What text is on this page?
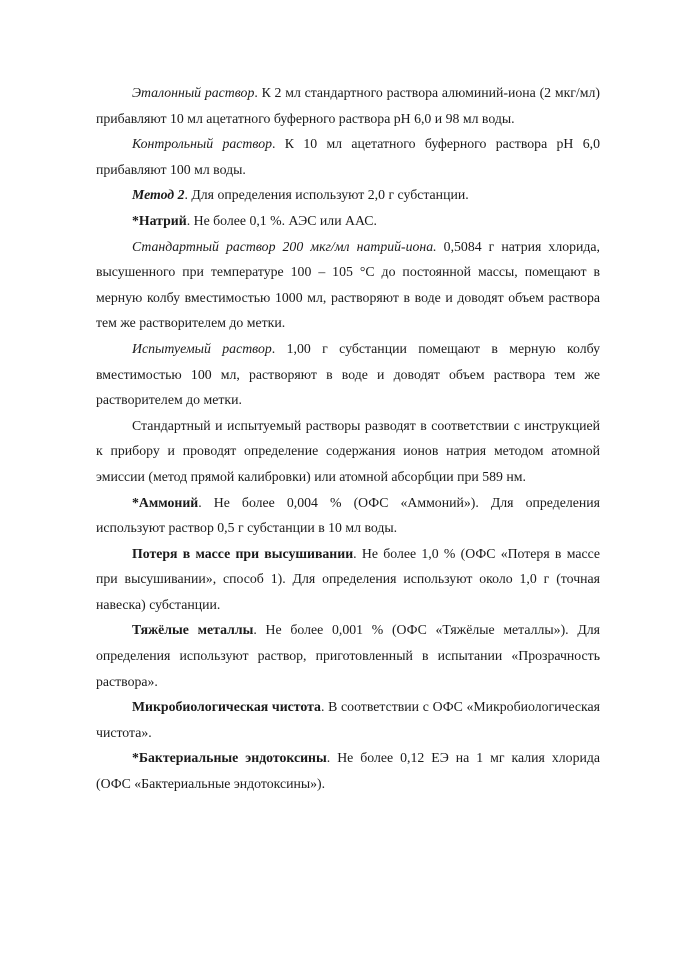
Эталонный раствор. К 2 мл стандартного раствора алюминий-иона (2 мкг/мл) прибавляют 10 мл ацетатного буферного раствора pH 6,0 и 98 мл воды.

Контрольный раствор. К 10 мл ацетатного буферного раствора pH 6,0 прибавляют 100 мл воды.

Метод 2. Для определения используют 2,0 г субстанции.

*Натрий. Не более 0,1 %. АЭС или ААС.

Стандартный раствор 200 мкг/мл натрий-иона. 0,5084 г натрия хлорида, высушенного при температуре 100 – 105 °С до постоянной массы, помещают в мерную колбу вместимостью 1000 мл, растворяют в воде и доводят объем раствора тем же растворителем до метки.

Испытуемый раствор. 1,00 г субстанции помещают в мерную колбу вместимостью 100 мл, растворяют в воде и доводят объем раствора тем же растворителем до метки.

Стандартный и испытуемый растворы разводят в соответствии с инструкцией к прибору и проводят определение содержания ионов натрия методом атомной эмиссии (метод прямой калибровки) или атомной абсорбции при 589 нм.

*Аммоний. Не более 0,004 % (ОФС «Аммоний»). Для определения используют раствор 0,5 г субстанции в 10 мл воды.

Потеря в массе при высушивании. Не более 1,0 % (ОФС «Потеря в массе при высушивании», способ 1). Для определения используют около 1,0 г (точная навеска) субстанции.

Тяжёлые металлы. Не более 0,001 % (ОФС «Тяжёлые металлы»). Для определения используют раствор, приготовленный в испытании «Прозрачность раствора».

Микробиологическая чистота. В соответствии с ОФС «Микробиологическая чистота».

*Бактериальные эндотоксины. Не более 0,12 ЕЭ на 1 мг калия хлорида (ОФС «Бактериальные эндотоксины»).
